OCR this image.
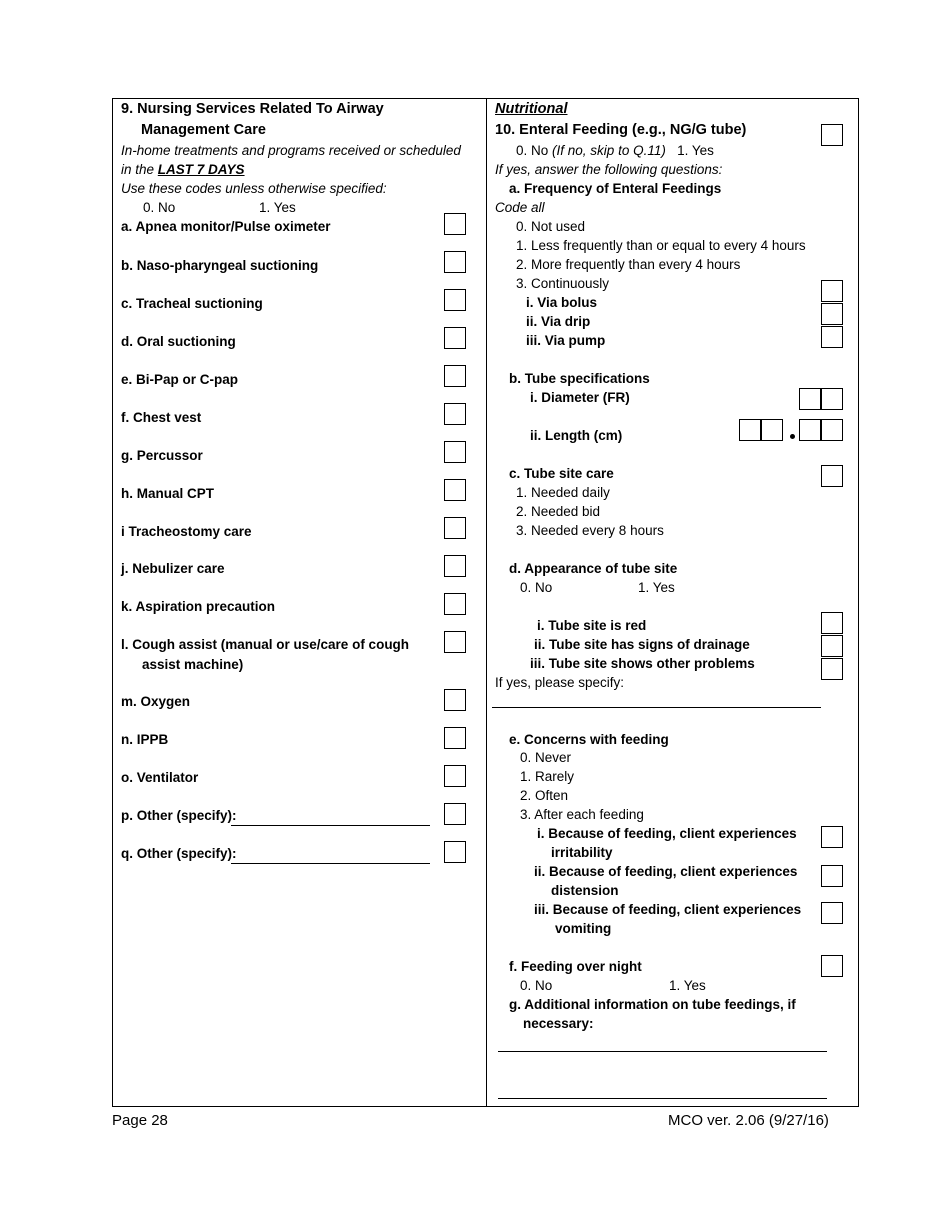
9. Nursing Services Related To Airway
Management Care
In-home treatments and programs received or scheduled
in the LAST 7 DAYS
Use these codes unless otherwise specified:
0. No	1. Yes
a. Apnea monitor/Pulse oximeter
b. Naso-pharyngeal suctioning
c. Tracheal suctioning
d. Oral suctioning
e. Bi-Pap or C-pap
f. Chest vest
g. Percussor
h. Manual CPT
i Tracheostomy care
j. Nebulizer care
k. Aspiration precaution
l. Cough assist (manual or use/care of cough
assist machine)
m. Oxygen
n. IPPB
o. Ventilator
p. Other (specify):
q. Other (specify):
Nutritional
10. Enteral Feeding (e.g., NG/G tube)
0. No (If no, skip to Q.11) 1. Yes
If yes, answer the following questions:
a. Frequency of Enteral Feedings
Code all
0. Not used
1. Less frequently than or equal to every 4 hours
2. More frequently than every 4 hours
3. Continuously
i. Via bolus
ii. Via drip
iii. Via pump
b. Tube specifications
i. Diameter (FR)
ii. Length (cm)
c. Tube site care
1. Needed daily
2. Needed bid
3. Needed every 8 hours
d. Appearance of tube site
0. No	1. Yes
i. Tube site is red
ii. Tube site has signs of drainage
iii. Tube site shows other problems
If yes, please specify:
e. Concerns with feeding
0. Never
1. Rarely
2. Often
3. After each feeding
i. Because of feeding, client experiences
irritability
ii. Because of feeding, client experiences
distension
iii. Because of feeding, client experiences
vomiting
f. Feeding over night
0. No	1. Yes
g. Additional information on tube feedings, if
necessary:
Page 28	MCO ver. 2.06 (9/27/16)
